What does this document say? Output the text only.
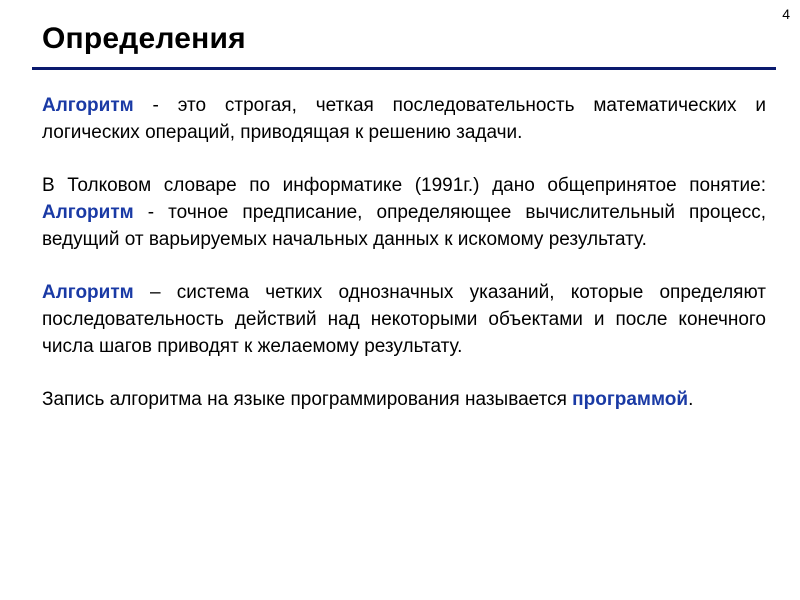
4
Определения

Алгоритм - это строгая, четкая последовательность математических и логических операций, приводящая к решению задачи.

В Толковом словаре по информатике (1991г.) дано общепринятое понятие: Алгоритм - точное предписание, определяющее вычислительный процесс, ведущий от варьируемых начальных данных к искомому результату.

Алгоритм – система четких однозначных указаний, которые определяют последовательность действий над некоторыми объектами и после конечного числа шагов приводят к желаемому результату.

Запись алгоритма на языке программирования называется программой.
